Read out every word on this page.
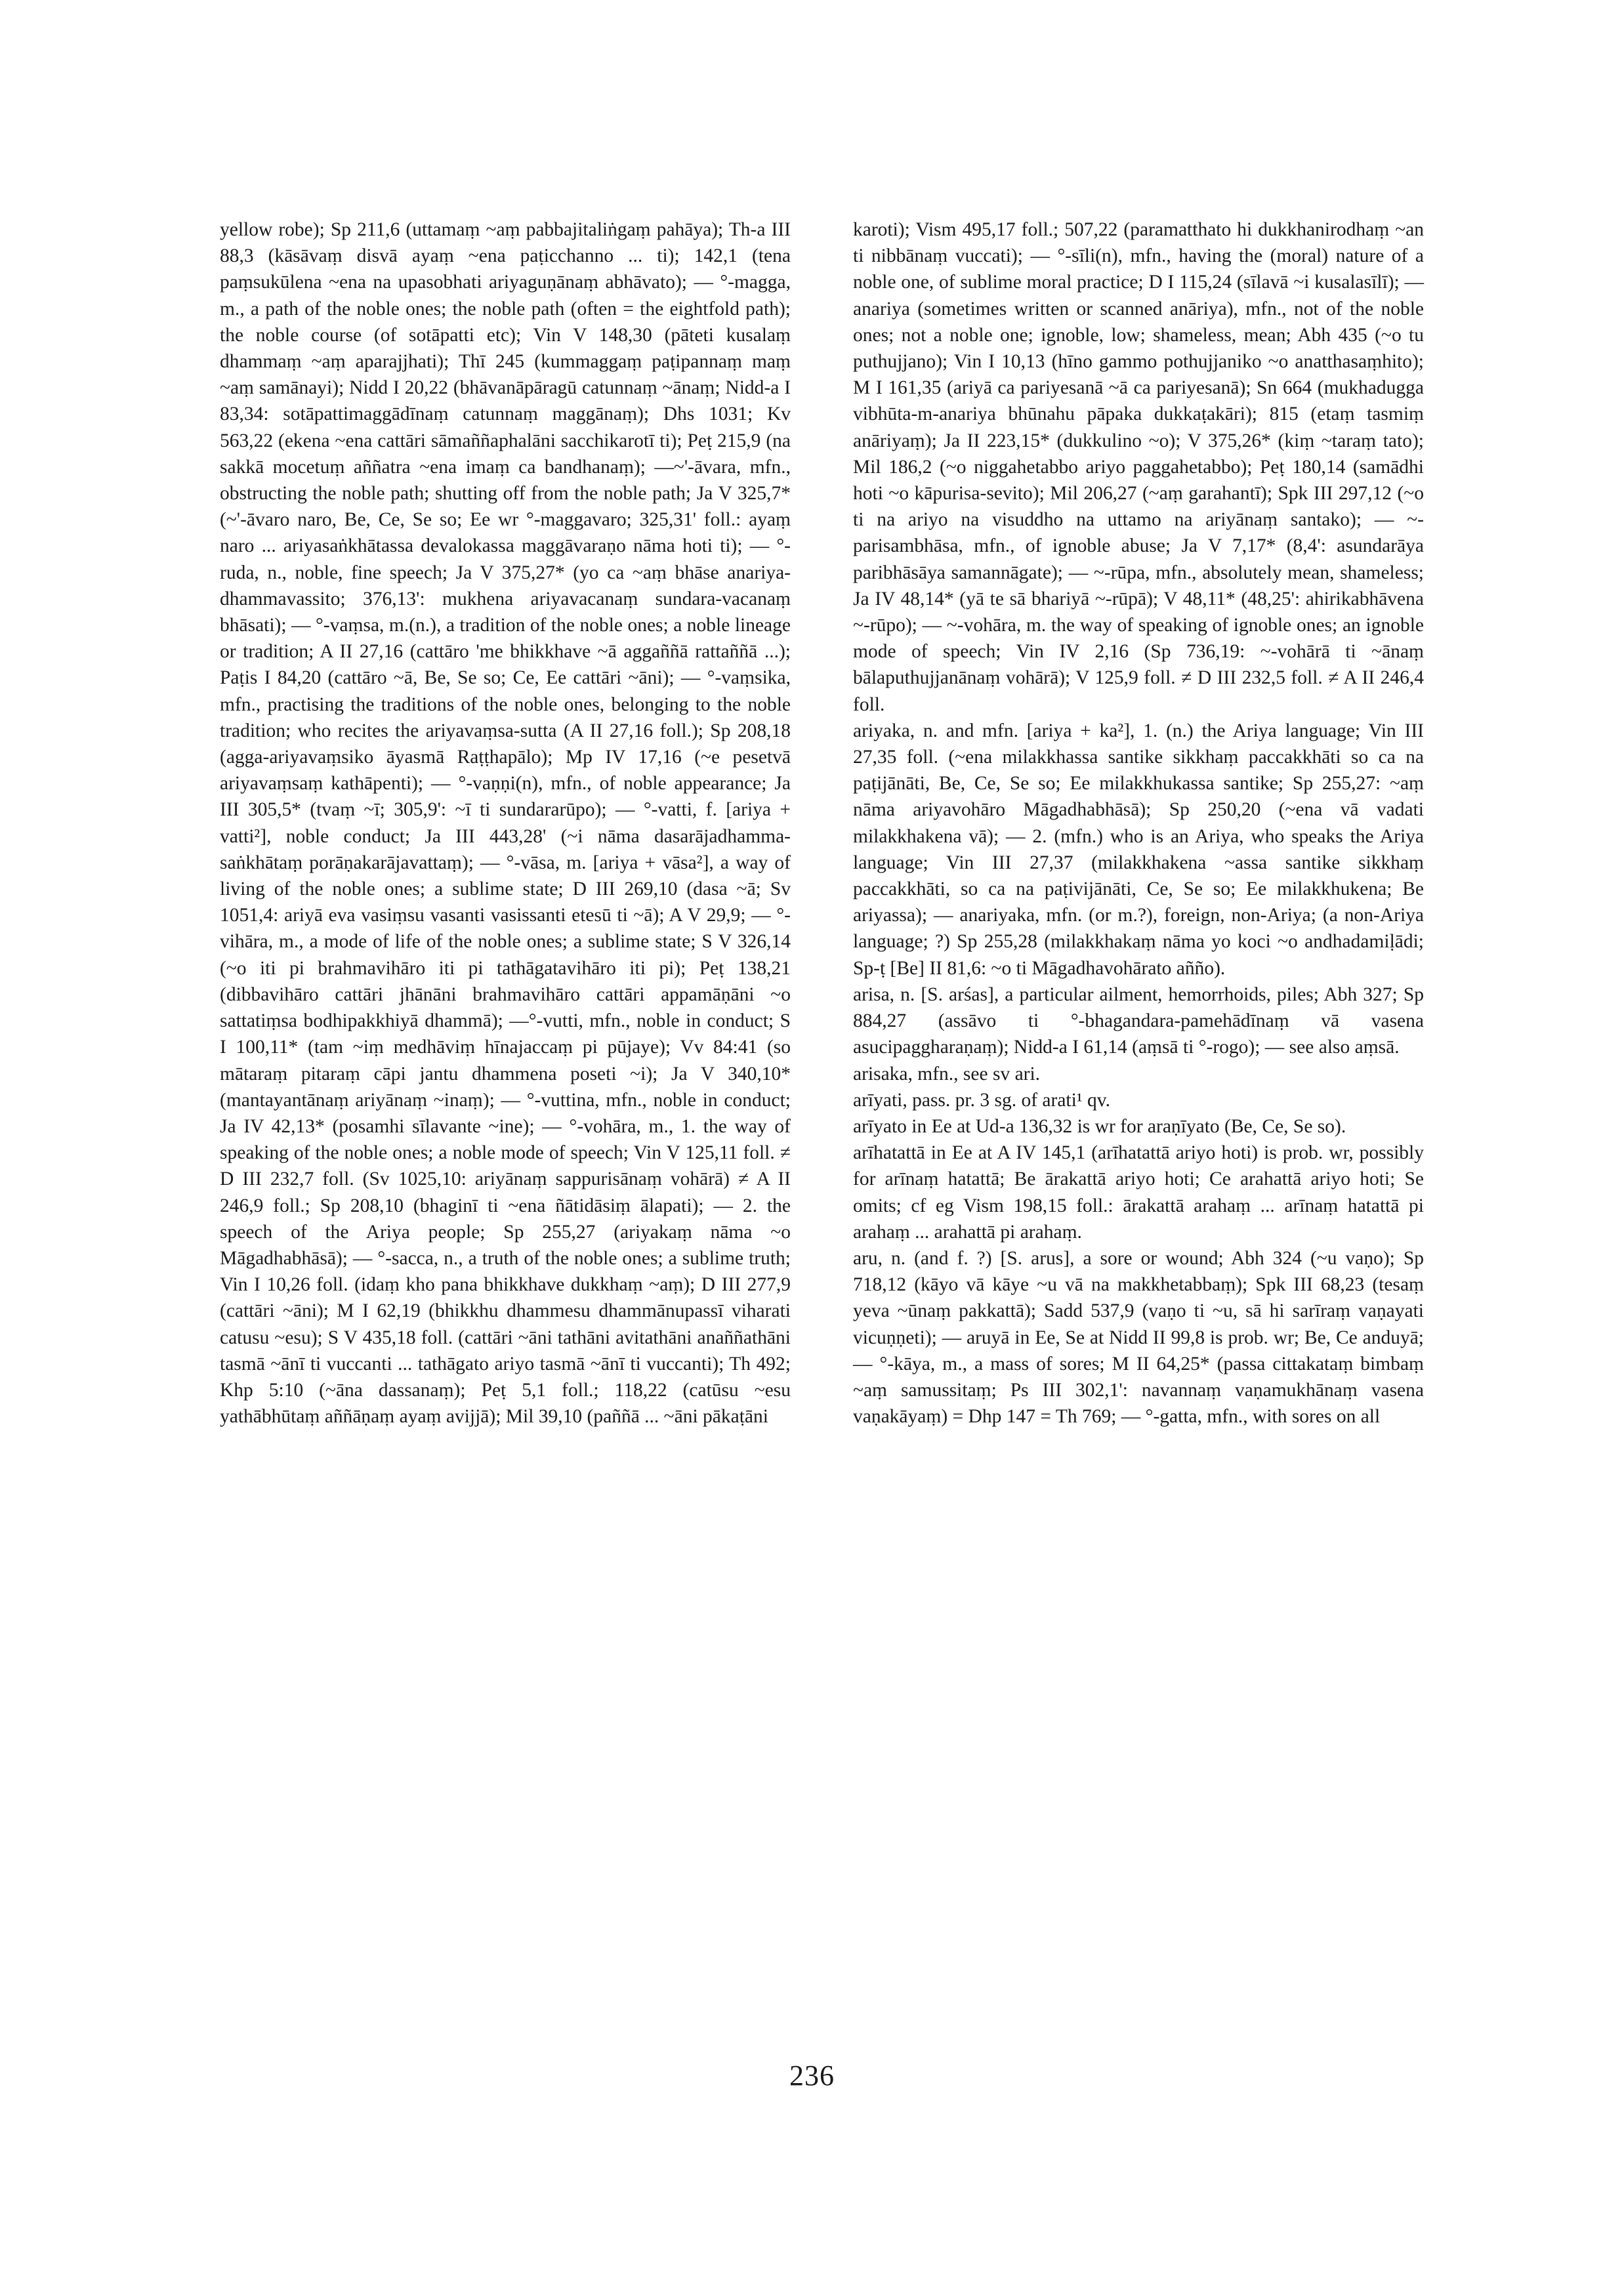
yellow robe); Sp 211,6 (uttamaṃ ~aṃ pabbajitaliṅgaṃ pahāya); Th-a III 88,3 (kāsāvaṃ disvā ayaṃ ~ena paṭicchanno ... ti); 142,1 (tena paṃsukūlena ~ena na upasobhati ariyaguṇānaṃ abhāvato); — °-magga, m., a path of the noble ones; the noble path (often = the eightfold path); the noble course (of sotāpatti etc); Vin V 148,30 (pāteti kusalaṃ dhammaṃ ~aṃ aparajjhati); Thī 245 (kummaggaṃ paṭipannaṃ maṃ ~aṃ samānayi); Nidd I 20,22 (bhāvanāpāragū catunnaṃ ~ānaṃ; Nidd-a I 83,34: sotāpattimaggādīnaṃ catunnaṃ maggānaṃ); Dhs 1031; Kv 563,22 (ekena ~ena cattāri sāmaññaphalāni sacchikarotī ti); Peṭ 215,9 (na sakkā mocetuṃ aññatra ~ena imaṃ ca bandhanaṃ); —~'-āvara, mfn., obstructing the noble path; shutting off from the noble path; Ja V 325,7* (~'-āvaro naro, Be, Ce, Se so; Ee wr °-maggavaro; 325,31' foll.: ayaṃ naro ... ariyasaṅkhātassa devalokassa maggāvaraṇo nāma hoti ti); — °-ruda, n., noble, fine speech; Ja V 375,27* (yo ca ~aṃ bhāse anariya-dhammavassito; 376,13': mukhena ariyavacanaṃ sundara-vacanaṃ bhāsati); — °-vaṃsa, m.(n.), a tradition of the noble ones; a noble lineage or tradition; A II 27,16 (cattāro 'me bhikkhave ~ā aggaññā rattaññā ...); Paṭis I 84,20 (cattāro ~ā, Be, Se so; Ce, Ee cattāri ~āni); — °-vaṃsika, mfn., practising the traditions of the noble ones, belonging to the noble tradition; who recites the ariyavaṃsa-sutta (A II 27,16 foll.); Sp 208,18 (agga-ariyavaṃsiko āyasmā Raṭṭhapālo); Mp IV 17,16 (~e pesetvā ariyavaṃsaṃ kathāpenti); — °-vaṇṇi(n), mfn., of noble appearance; Ja III 305,5* (tvaṃ ~ī; 305,9': ~ī ti sundararūpo); — °-vatti, f. [ariya + vatti²], noble conduct; Ja III 443,28' (~i nāma dasarājadhamma-saṅkhātaṃ porāṇakarājavattaṃ); — °-vāsa, m. [ariya + vāsa²], a way of living of the noble ones; a sublime state; D III 269,10 (dasa ~ā; Sv 1051,4: ariyā eva vasiṃsu vasanti vasissanti etesū ti ~ā); A V 29,9; — °-vihāra, m., a mode of life of the noble ones; a sublime state; S V 326,14 (~o iti pi brahmavihāro iti pi tathāgatavihāro iti pi); Peṭ 138,21 (dibbavihāro cattāri jhānāni brahmavihāro cattāri appamāṇāni ~o sattatiṃsa bodhipakkhiyā dhammā); —°-vutti, mfn., noble in conduct; S I 100,11* (tam ~iṃ medhāviṃ hīnajaccaṃ pi pūjaye); Vv 84:41 (so mātaraṃ pitaraṃ cāpi jantu dhammena poseti ~i); Ja V 340,10* (mantayantānaṃ ariyānaṃ ~inaṃ); — °-vuttina, mfn., noble in conduct; Ja IV 42,13* (posamhi sīlavante ~ine); — °-vohāra, m., 1. the way of speaking of the noble ones; a noble mode of speech; Vin V 125,11 foll. ≠ D III 232,7 foll. (Sv 1025,10: ariyānaṃ sappurisānaṃ vohārā) ≠ A II 246,9 foll.; Sp 208,10 (bhaginī ti ~ena ñātidāsiṃ ālapati); — 2. the speech of the Ariya people; Sp 255,27 (ariyakaṃ nāma ~o Māgadhabhāsā); — °-sacca, n., a truth of the noble ones; a sublime truth; Vin I 10,26 foll. (idaṃ kho pana bhikkhave dukkhaṃ ~aṃ); D III 277,9 (cattāri ~āni); M I 62,19 (bhikkhu dhammesu dhammānupassī viharati catusu ~esu); S V 435,18 foll. (cattāri ~āni tathāni avitathāni anaññathāni tasmā ~ānī ti vuccanti ... tathāgato ariyo tasmā ~ānī ti vuccanti); Th 492; Khp 5:10 (~āna dassanaṃ); Peṭ 5,1 foll.; 118,22 (catūsu ~esu yathābhūtaṃ aññāṇaṃ ayaṃ avijjā); Mil 39,10 (paññā ... ~āni pākaṭāni

karoti); Vism 495,17 foll.; 507,22 (paramatthato hi dukkhanirodhaṃ ~an ti nibbānaṃ vuccati); — °-sīli(n), mfn., having the (moral) nature of a noble one, of sublime moral practice; D I 115,24 (sīlavā ~i kusalasīlī); — anariya (sometimes written or scanned anāriya), mfn., not of the noble ones; not a noble one; ignoble, low; shameless, mean; Abh 435 (~o tu puthujjano); Vin I 10,13 (hīno gammo pothujjaniko ~o anatthasaṃhito); M I 161,35 (ariyā ca pariyesanā ~ā ca pariyesanā); Sn 664 (mukhadugga vibhūta-m-anariya bhūnahu pāpaka dukkaṭakāri); 815 (etaṃ tasmiṃ anāriyaṃ); Ja II 223,15* (dukkulino ~o); V 375,26* (kiṃ ~taraṃ tato); Mil 186,2 (~o niggahetabbo ariyo paggahetabbo); Peṭ 180,14 (samādhi hoti ~o kāpurisa-sevito); Mil 206,27 (~aṃ garahantī); Spk III 297,12 (~o ti na ariyo na visuddho na uttamo na ariyānaṃ santako); — ~-parisambhāsa, mfn., of ignoble abuse; Ja V 7,17* (8,4': asundarāya paribhāsāya samannāgate); — ~-rūpa, mfn., absolutely mean, shameless; Ja IV 48,14* (yā te sā bhariyā ~-rūpā); V 48,11* (48,25': ahirikabhāvena ~-rūpo); — ~-vohāra, m. the way of speaking of ignoble ones; an ignoble mode of speech; Vin IV 2,16 (Sp 736,19: ~-vohārā ti ~ānaṃ bālaputhujjanānaṃ vohārā); V 125,9 foll. ≠ D III 232,5 foll. ≠ A II 246,4 foll.

ariyaka, n. and mfn. [ariya + ka²], 1. (n.) the Ariya language; Vin III 27,35 foll. (~ena milakkhassa santike sikkhaṃ paccakkhāti so ca na paṭijānāti, Be, Ce, Se so; Ee milakkhukassa santike; Sp 255,27: ~aṃ nāma ariyavohāro Māgadhabhāsā); Sp 250,20 (~ena vā vadati milakkhakena vā); — 2. (mfn.) who is an Ariya, who speaks the Ariya language; Vin III 27,37 (milakkhakena ~assa santike sikkhaṃ paccakkhāti, so ca na paṭivijānāti, Ce, Se so; Ee milakkhukena; Be ariyassa); — anariyaka, mfn. (or m.?), foreign, non-Ariya; (a non-Ariya language; ?) Sp 255,28 (milakkhakaṃ nāma yo koci ~o andhadamiḷādi; Sp-ṭ [Be] II 81,6: ~o ti Māgadhavohārato añño).

arisa, n. [S. arśas], a particular ailment, hemorrhoids, piles; Abh 327; Sp 884,27 (assāvo ti °-bhagandara-pamehādīnaṃ vā vasena asucipaggharaṇaṃ); Nidd-a I 61,14 (aṃsā ti °-rogo); — see also aṃsā.

arisaka, mfn., see sv ari.

arīyati, pass. pr. 3 sg. of arati¹ qv.

arīyato in Ee at Ud-a 136,32 is wr for araṇīyato (Be, Ce, Se so).

arīhatattā in Ee at A IV 145,1 (arīhatattā ariyo hoti) is prob. wr, possibly for arīnaṃ hatattā; Be ārakattā ariyo hoti; Ce arahattā ariyo hoti; Se omits; cf eg Vism 198,15 foll.: ārakattā arahaṃ ... arīnaṃ hatattā pi arahaṃ ... arahattā pi arahaṃ.

aru, n. (and f. ?) [S. arus], a sore or wound; Abh 324 (~u vaṇo); Sp 718,12 (kāyo vā kāye ~u vā na makkhetabbaṃ); Spk III 68,23 (tesaṃ yeva ~ūnaṃ pakkattā); Sadd 537,9 (vaṇo ti ~u, sā hi sarīraṃ vaṇayati vicuṇṇeti); — aruyā in Ee, Se at Nidd II 99,8 is prob. wr; Be, Ce anduyā; — °-kāya, m., a mass of sores; M II 64,25* (passa cittakataṃ bimbaṃ ~aṃ samussitaṃ; Ps III 302,1': navannaṃ vaṇamukhānaṃ vasena vaṇakāyaṃ) = Dhp 147 = Th 769; — °-gatta, mfn., with sores on all

236
